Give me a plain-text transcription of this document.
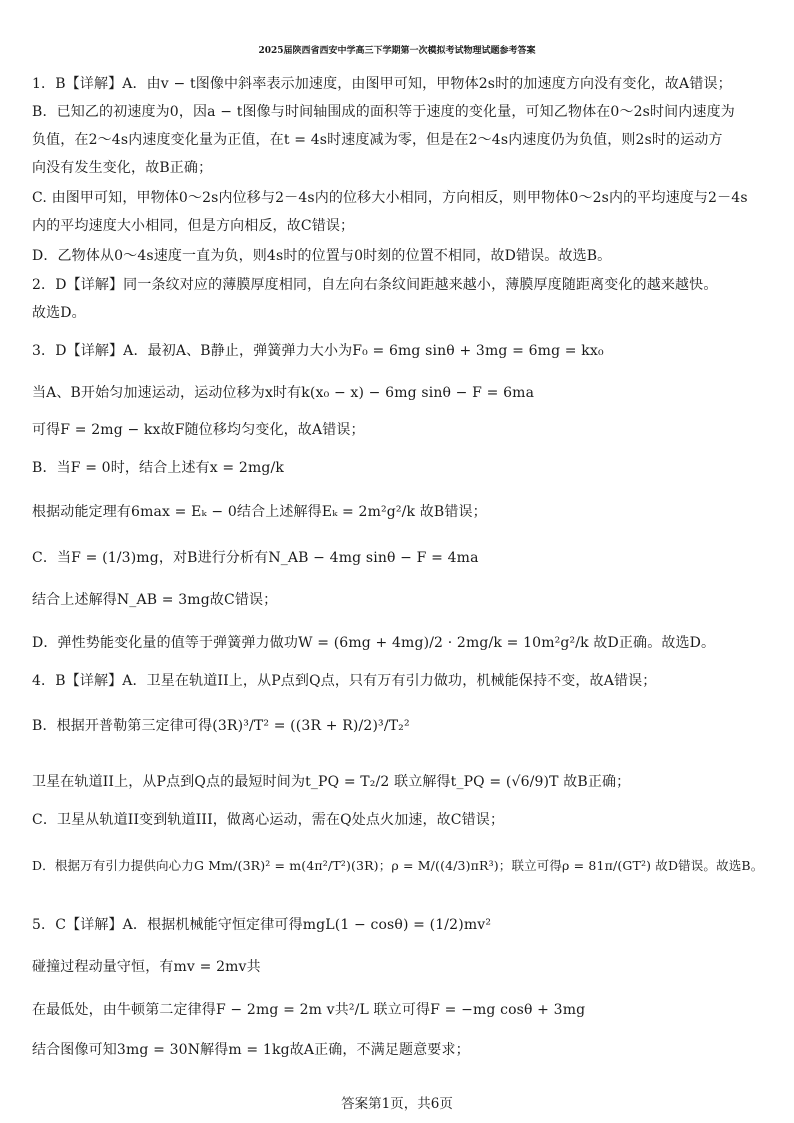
2025届陕西省西安中学高三下学期第一次模拟考试物理试题参考答案
1．B【详解】A．由v − t图像中斜率表示加速度，由图甲可知，甲物体2s时的加速度方向没有变化，故A错误；
B．已知乙的初速度为0，因a − t图像与时间轴围成的面积等于速度的变化量，可知乙物体在0～2s时间内速度为
负值，在2～4s内速度变化量为正值，在t = 4s时速度减为零，但是在2～4s内速度仍为负值，则2s时的运动方
向没有发生变化，故B正确；
C. 由图甲可知，甲物体0～2s内位移与2－4s内的位移大小相同，方向相反，则甲物体0～2s内的平均速度与2－4s
内的平均速度大小相同，但是方向相反，故C错误；
D．乙物体从0～4s速度一直为负，则4s时的位置与0时刻的位置不相同，故D错误。故选B。
2．D【详解】同一条纹对应的薄膜厚度相同，自左向右条纹间距越来越小，薄膜厚度随距离变化的越来越快。
故选D。
3．D【详解】A．最初A、B静止，弹簧弹力大小为F₀ = 6mg sinθ + 3mg = 6mg = kx₀
当A、B开始匀加速运动，运动位移为x时有k(x₀ − x) − 6mg sinθ − F = 6ma
可得F = 2mg − kx故F随位移均匀变化，故A错误；
B．当F = 0时，结合上述有x = 2mg/k
根据动能定理有6max = Eₖ − 0结合上述解得Eₖ = 2m²g²/k 故B错误；
C．当F = (1/3)mg，对B进行分析有N_AB − 4mg sinθ − F = 4ma
结合上述解得N_AB = 3mg故C错误；
D．弹性势能变化量的值等于弹簧弹力做功W = (6mg + 4mg)/2 · 2mg/k = 10m²g²/k 故D正确。故选D。
4．B【详解】A．卫星在轨道II上，从P点到Q点，只有万有引力做功，机械能保持不变，故A错误；
B．根据开普勒第三定律可得(3R)³/T² = ((3R + R)/2)³/T₂²
卫星在轨道II上，从P点到Q点的最短时间为t_PQ = T₂/2 联立解得t_PQ = (√6/9)T 故B正确；
C．卫星从轨道II变到轨道III，做离心运动，需在Q处点火加速，故C错误；
D．根据万有引力提供向心力G Mm/(3R)² = m(4π²/T²)(3R)；ρ = M/((4/3)πR³)；联立可得ρ = 81π/(GT²) 故D错误。故选B。
5．C【详解】A．根据机械能守恒定律可得mgL(1 − cosθ) = (1/2)mv²
碰撞过程动量守恒，有mv = 2mv共
在最低处，由牛顿第二定律得F − 2mg = 2m v共²/L 联立可得F = −mg cosθ + 3mg
结合图像可知3mg = 30N解得m = 1kg故A正确，不满足题意要求；
答案第1页，共6页
